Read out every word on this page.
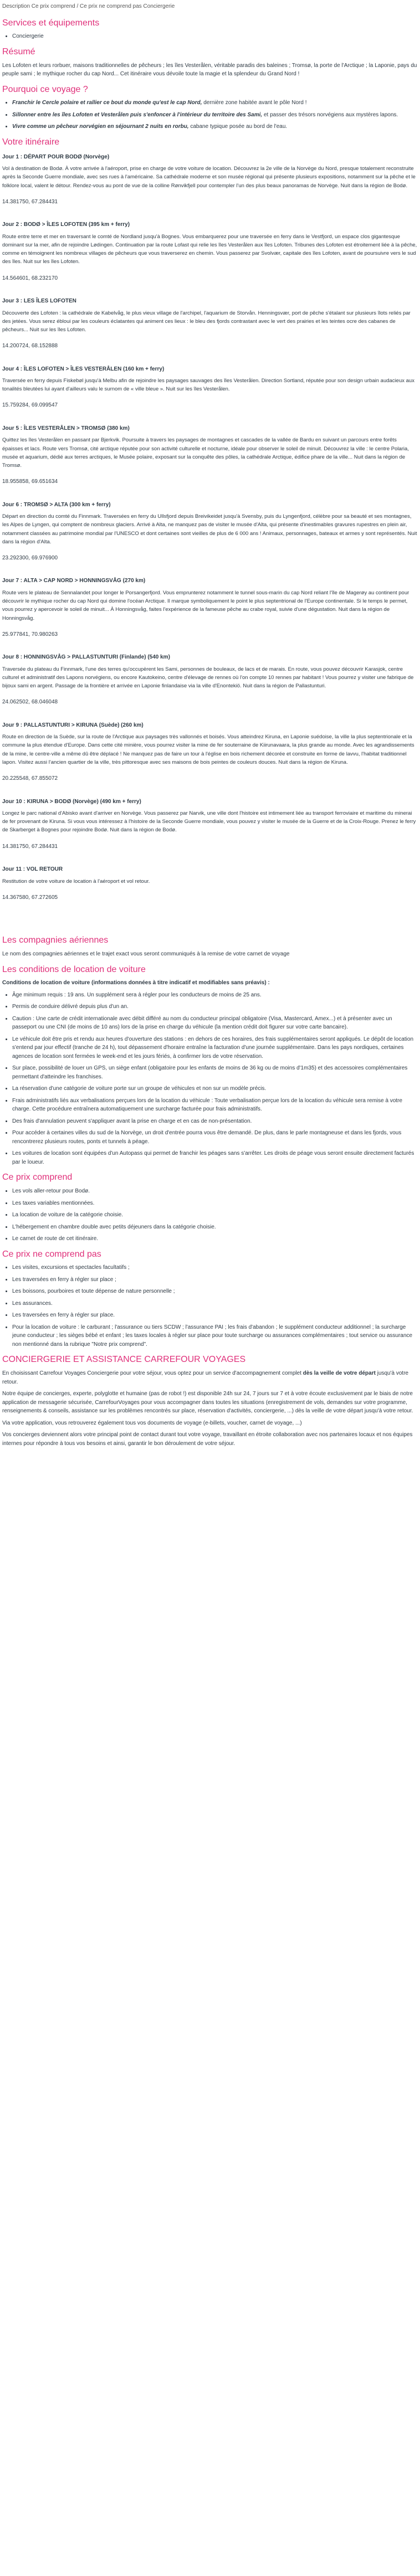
Description Ce prix comprend / Ce prix ne comprend pas Conciergerie
Services et équipements
• Conciergerie
Résumé

Les Lofoten et leurs rorbuer, maisons traditionnelles de pêcheurs ; les îles Vesterålen, véritable paradis des baleines ; Tromsø, la porte de l'Arctique ; la Laponie, pays du peuple sami ; le mythique rocher du cap Nord... Cet itinéraire vous dévoile toute la magie et la splendeur du Grand Nord !

Pourquoi ce voyage ?
• Franchir le Cercle polaire et rallier ce bout du monde qu'est le cap Nord, dernière zone habitée avant le pôle Nord !
• Sillonner entre les îles Lofoten et Vesterålen puis s'enfoncer à l'intérieur du territoire des Sami, et passer des trésors norvégiens aux mystères lapons.
• Vivre comme un pêcheur norvégien en séjournant 2 nuits en rorbu, cabane typique posée au bord de l'eau.
Votre itinéraire
Jour 1 : DÉPART POUR BODØ (Norvège)

Vol à destination de Bodø. À votre arrivée à l'aéroport, prise en charge de votre voiture de location. Découvrez la 2e ville de la Norvège du Nord, presque totalement reconstruite après la Seconde Guerre mondiale, avec ses rues à l'américaine. Sa cathédrale moderne et son musée régional qui présente plusieurs expositions, notamment sur la pêche et le folklore local, valent le détour. Rendez-vous au pont de vue de la colline Rønvikfjell pour contempler l'un des plus beaux panoramas de Norvège. Nuit dans la région de Bodø.

14.381750, 67.284431
Jour 2 : BODØ > ÎLES LOFOTEN (395 km + ferry)

Route entre terre et mer en traversant le comté de Nordland jusqu'à Bognes. Vous embarquerez pour une traversée en ferry dans le Vestfjord, un espace clos gigantesque dominant sur la mer, afin de rejoindre Lødingen. Continuation par la route Lofast qui relie les îles Vesterålen aux îles Lofoten. Tribunes des Lofoten est étroitement liée à la pêche, comme en témoignent les nombreux villages de pêcheurs que vous traverserez en chemin. Vous passerez par Svolvær, capitale des îles Lofoten, avant de poursuivre vers le sud des îles. Nuit sur les îles Lofoten.

14.564601, 68.232170
Jour 3 : LES ÎLES LOFOTEN

Découverte des Lofoten : la cathédrale de Kabelvåg, le plus vieux village de l'archipel, l'aquarium de Storvån. Henningsvær, port de pêche s'étalant sur plusieurs îlots reliés par des jetées. Vous serez ébloui par les couleurs éclatantes qui animent ces lieux : le bleu des fjords contrastant avec le vert des prairies et les teintes ocre des cabanes de pêcheurs... Nuit sur les îles Lofoten.

14.200724, 68.152888
Jour 4 : ÎLES LOFOTEN > ÎLES VESTERÅLEN (160 km + ferry)

Traversée en ferry depuis Fiskebøl jusqu'à Melbu afin de rejoindre les paysages sauvages des îles Vesterålen. Direction Sortland, réputée pour son design urbain audacieux aux tonalités bleutées lui ayant d'ailleurs valu le surnom de « ville bleue ». Nuit sur les îles Vesterålen.

15.759284, 69.099547
Jour 5 : ÎLES VESTERÅLEN > TROMSØ (380 km)

Quittez les îles Vesterålen en passant par Bjerkvik. Poursuite à travers les paysages de montagnes et cascades de la vallée de Bardu en suivant un parcours entre forêts épaisses et lacs. Route vers Tromsø, cité arctique réputée pour son activité culturelle et nocturne, idéale pour observer le soleil de minuit. Découvrez la ville : le centre Polaria, musée et aquarium, dédié aux terres arctiques, le Musée polaire, exposant sur la conquête des pôles, la cathédrale Arctique, édifice phare de la ville... Nuit dans la région de Tromsø.

18.955858, 69.651634
Jour 6 : TROMSØ > ALTA (300 km + ferry)

Départ en direction du comté du Finnmark. Traversées en ferry du Ullsfjord depuis Breivikeidet jusqu'à Svensby, puis du Lyngenfjord, célèbre pour sa beauté et ses montagnes, les Alpes de Lyngen, qui comptent de nombreux glaciers. Arrivé à Alta, ne manquez pas de visiter le musée d'Alta, qui présente d'inestimables gravures rupestres en plein air, notamment classées au patrimoine mondial par l'UNESCO et dont certaines sont vieilles de plus de 6 000 ans ! Animaux, personnages, bateaux et armes y sont représentés. Nuit dans la région d'Alta.

23.292300, 69.976900
Jour 7 : ALTA > CAP NORD > HONNINGSVÅG (270 km)

Route vers le plateau de Sennalandet pour longer le Porsangerfjord. Vous emprunterez notamment le tunnel sous-marin du cap Nord reliant l'île de Magerøy au continent pour découvrir le mythique rocher du cap Nord qui domine l'océan Arctique. Il marque symboliquement le point le plus septentrional de l'Europe continentale. Si le temps le permet, vous pourrez y apercevoir le soleil de minuit... À Honningsvåg, faites l'expérience de la fameuse pêche au crabe royal, suivie d'une dégustation. Nuit dans la région de Honningsvåg.

25.977841, 70.980263
Jour 8 : HONNINGSVÅG > PALLASTUNTURI (Finlande) (540 km)

Traversée du plateau du Finnmark, l'une des terres qu'occupèrent les Sami, personnes de bouleaux, de lacs et de marais. En route, vous pouvez découvrir Karasjok, centre culturel et administratif des Lapons norvégiens, ou encore Kautokeino, centre d'élevage de rennes où l'on compte 10 rennes par habitant ! Vous pourrez y visiter une fabrique de bijoux sami en argent. Passage de la frontière et arrivée en Laponie finlandaise via la ville d'Enontekiö. Nuit dans la région de Pallastunturi.

24.062502, 68.046048
Jour 9 : PALLASTUNTURI > KIRUNA (Suède) (260 km)

Route en direction de la Suède, sur la route de l'Arctique aux paysages très vallonnés et boisés. Vous atteindrez Kiruna, en Laponie suédoise, la ville la plus septentrionale et la commune la plus étendue d'Europe. Dans cette cité minière, vous pourrez visiter la mine de fer souterraine de Kiirunavaara, la plus grande au monde. Avec les agrandissements de la mine, le centre-ville a même dû être déplacé ! Ne manquez pas de faire un tour à l'église en bois richement décorée et construite en forme de lavvu, l'habitat traditionnel lapon. Visitez aussi l'ancien quartier de la ville, très pittoresque avec ses maisons de bois peintes de couleurs douces. Nuit dans la région de Kiruna.

20.225548, 67.855072
Jour 10 : KIRUNA > BODØ (Norvège) (490 km + ferry)

Longez le parc national d'Abisko avant d'arriver en Norvège. Vous passerez par Narvik, une ville dont l'histoire est intimement liée au transport ferroviaire et maritime du minerai de fer provenant de Kiruna. Si vous vous intéressez à l'histoire de la Seconde Guerre mondiale, vous pouvez y visiter le musée de la Guerre et de la Croix-Rouge. Prenez le ferry de Skarberget à Bognes pour rejoindre Bodø. Nuit dans la région de Bodø.

14.381750, 67.284431
Jour 11 : VOL RETOUR

Restitution de votre voiture de location à l'aéroport et vol retour.

14.367580, 67.272605
Les compagnies aériennes

Le nom des compagnies aériennes et le trajet exact vous seront communiqués à la remise de votre carnet de voyage

Les conditions de location de voiture

Conditions de location de voiture (informations données à titre indicatif et modifiables sans préavis) :

• Âge minimum requis : 19 ans. Un supplément sera à régler pour les conducteurs de moins de 25 ans.
• Permis de conduire délivré depuis plus d'un an.
• Caution : Une carte de crédit internationale avec débit différé au nom du conducteur principal obligatoire (Visa, Mastercard, Amex...) et à présenter avec un passeport ou une CNI (de moins de 10 ans) lors de la prise en charge du véhicule (la mention crédit doit figurer sur votre carte bancaire).
• Le véhicule doit être pris et rendu aux heures d'ouverture des stations : en dehors de ces horaires, des frais supplémentaires seront appliqués. Le dépôt de location s'entend par jour effectif (tranche de 24 h), tout dépassement d'horaire entraîne la facturation d'une journée supplémentaire. Dans les pays nordiques, certaines agences de location sont fermées le week-end et les jours fériés, à confirmer lors de votre réservation.
• Sur place, possibilité de louer un GPS, un siège enfant (obligatoire pour les enfants de moins de 36 kg ou de moins d'1m35) et des accessoires complémentaires permettant d'atteindre les franchises.
• La réservation d'une catégorie de voiture porte sur un groupe de véhicules et non sur un modèle précis.
• Frais administratifs liés aux verbalisations perçues lors de la location du véhicule : Toute verbalisation perçue lors de la location du véhicule sera remise à votre charge. Cette procédure entraînera automatiquement une surcharge facturée pour frais administratifs.
• Des frais d'annulation peuvent s'appliquer avant la prise en charge et en cas de non-présentation.
• Pour accéder à certaines villes du sud de la Norvège, un droit d'entrée pourra vous être demandé. De plus, dans le parle montagneuse et dans les fjords, vous rencontrerez plusieurs routes, ponts et tunnels à péage.
• Les voitures de location sont équipées d'un Autopass qui permet de franchir les péages sans s'arrêter. Les droits de péage vous seront ensuite directement facturés par le loueur.
Ce prix comprend
• Les vols aller-retour pour Bodø.
• Les taxes variables mentionnées.
• La location de voiture de la catégorie choisie.
• L'hébergement en chambre double avec petits déjeuners dans la catégorie choisie.
• Le carnet de route de cet itinéraire.
Ce prix ne comprend pas
• Les visites, excursions et spectacles facultatifs ;
• Les traversées en ferry à régler sur place ;
• Les boissons, pourboires et toute dépense de nature personnelle ;
• Les assurances.
• Les traversées en ferry à régler sur place.
• Pour la location de voiture : le carburant ; l'assurance ou tiers SCDW ; l'assurance PAI ; les frais d'abandon ; le supplément conducteur additionnel ; la surcharge jeune conducteur ; les sièges bébé et enfant ; les taxes locales à régler sur place pour toute surcharge ou assurances complémentaires ; tout service ou assurance non mentionné dans la rubrique "Notre prix comprend".
CONCIERGERIE ET ASSISTANCE CARREFOUR VOYAGES

En choisissant Carrefour Voyages Conciergerie pour votre séjour, vous optez pour un service d'accompagnement complet dès la veille de votre départ jusqu'à votre retour.

Notre équipe de concierges, experte, polyglotte et humaine (pas de robot !) est disponible 24h sur 24, 7 jours sur 7 et à votre écoute exclusivement par le biais de notre application de messagerie sécurisée, CarrefourVoyages pour vous accompagner dans toutes les situations (enregistrement de vols, demandes sur votre programme, renseignements & conseils, assistance sur les problèmes rencontrés sur place, réservation d'activités, conciergerie, ...) dès la veille de votre départ jusqu'à votre retour.

Via votre application, vous retrouverez également tous vos documents de voyage (e-billets, voucher, carnet de voyage, ...)

Vos concierges deviennent alors votre principal point de contact durant tout votre voyage, travaillant en étroite collaboration avec nos partenaires locaux et nos équipes internes pour répondre à tous vos besoins et ainsi, garantir le bon déroulement de votre séjour.
